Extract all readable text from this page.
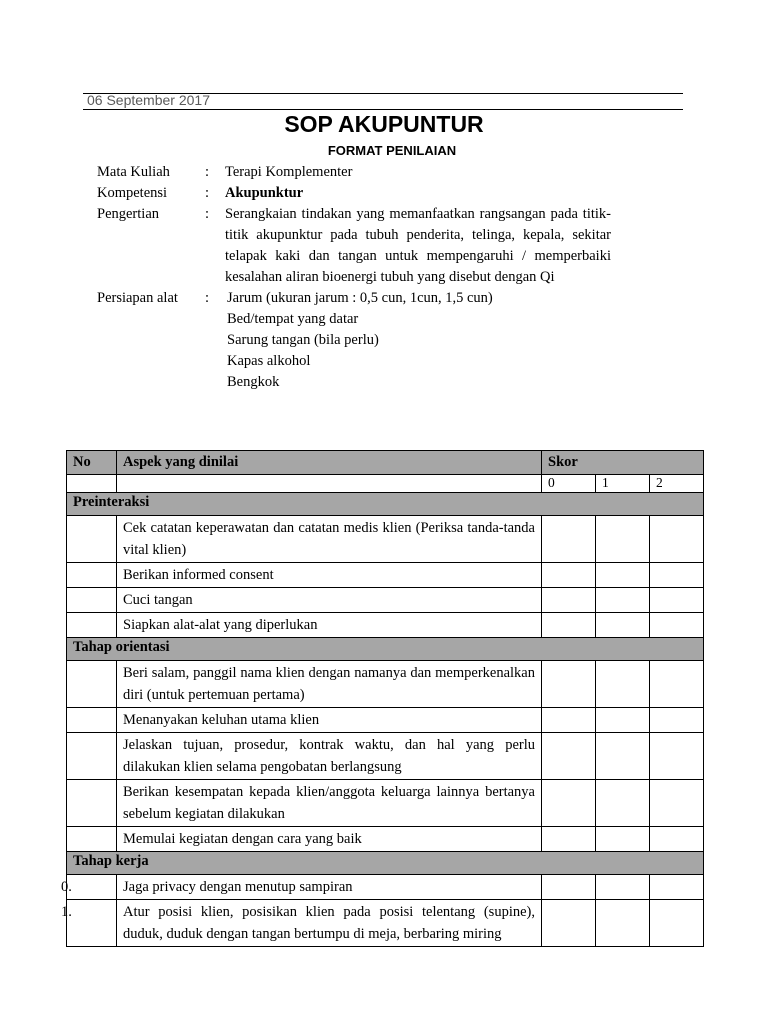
06 September 2017
SOP AKUPUNTUR
FORMAT PENILAIAN
Mata Kuliah	:	Terapi Komplementer
Kompetensi	:	Akupunktur
Pengertian	:	Serangkaian tindakan yang memanfaatkan rangsangan pada titik-titik akupunktur pada tubuh penderita, telinga, kepala, sekitar telapak kaki dan tangan untuk mempengaruhi / memperbaiki kesalahan aliran bioenergi tubuh yang disebut dengan Qi
Persiapan alat	:	Jarum (ukuran jarum : 0,5 cun, 1cun, 1,5 cun)
Bed/tempat yang datar
Sarung tangan (bila perlu)
Kapas alkohol
Bengkok
No	Aspek yang dinilai	Skor		
		0	1	2
Preinteraksi				

	Cek catatan keperawatan dan catatan medis klien (Periksa tanda-tanda vital klien)			

	Berikan informed consent			

	Cuci tangan			

	Siapkan alat-alat yang diperlukan			
Tahap orientasi				

	Beri salam, panggil nama klien dengan namanya dan memperkenalkan diri (untuk pertemuan pertama)			

	Menanyakan keluhan utama klien			

	Jelaskan tujuan, prosedur, kontrak waktu, dan hal yang perlu dilakukan klien selama pengobatan berlangsung			

	Berikan kesempatan kepada klien/anggota keluarga lainnya bertanya sebelum kegiatan dilakukan			

	Memulai kegiatan dengan cara yang baik			
Tahap kerja				

0.	Jaga privacy dengan menutup sampiran			

1.	Atur posisi klien, posisikan klien pada posisi telentang (supine), duduk, duduk dengan tangan bertumpu di meja, berbaring miring			
